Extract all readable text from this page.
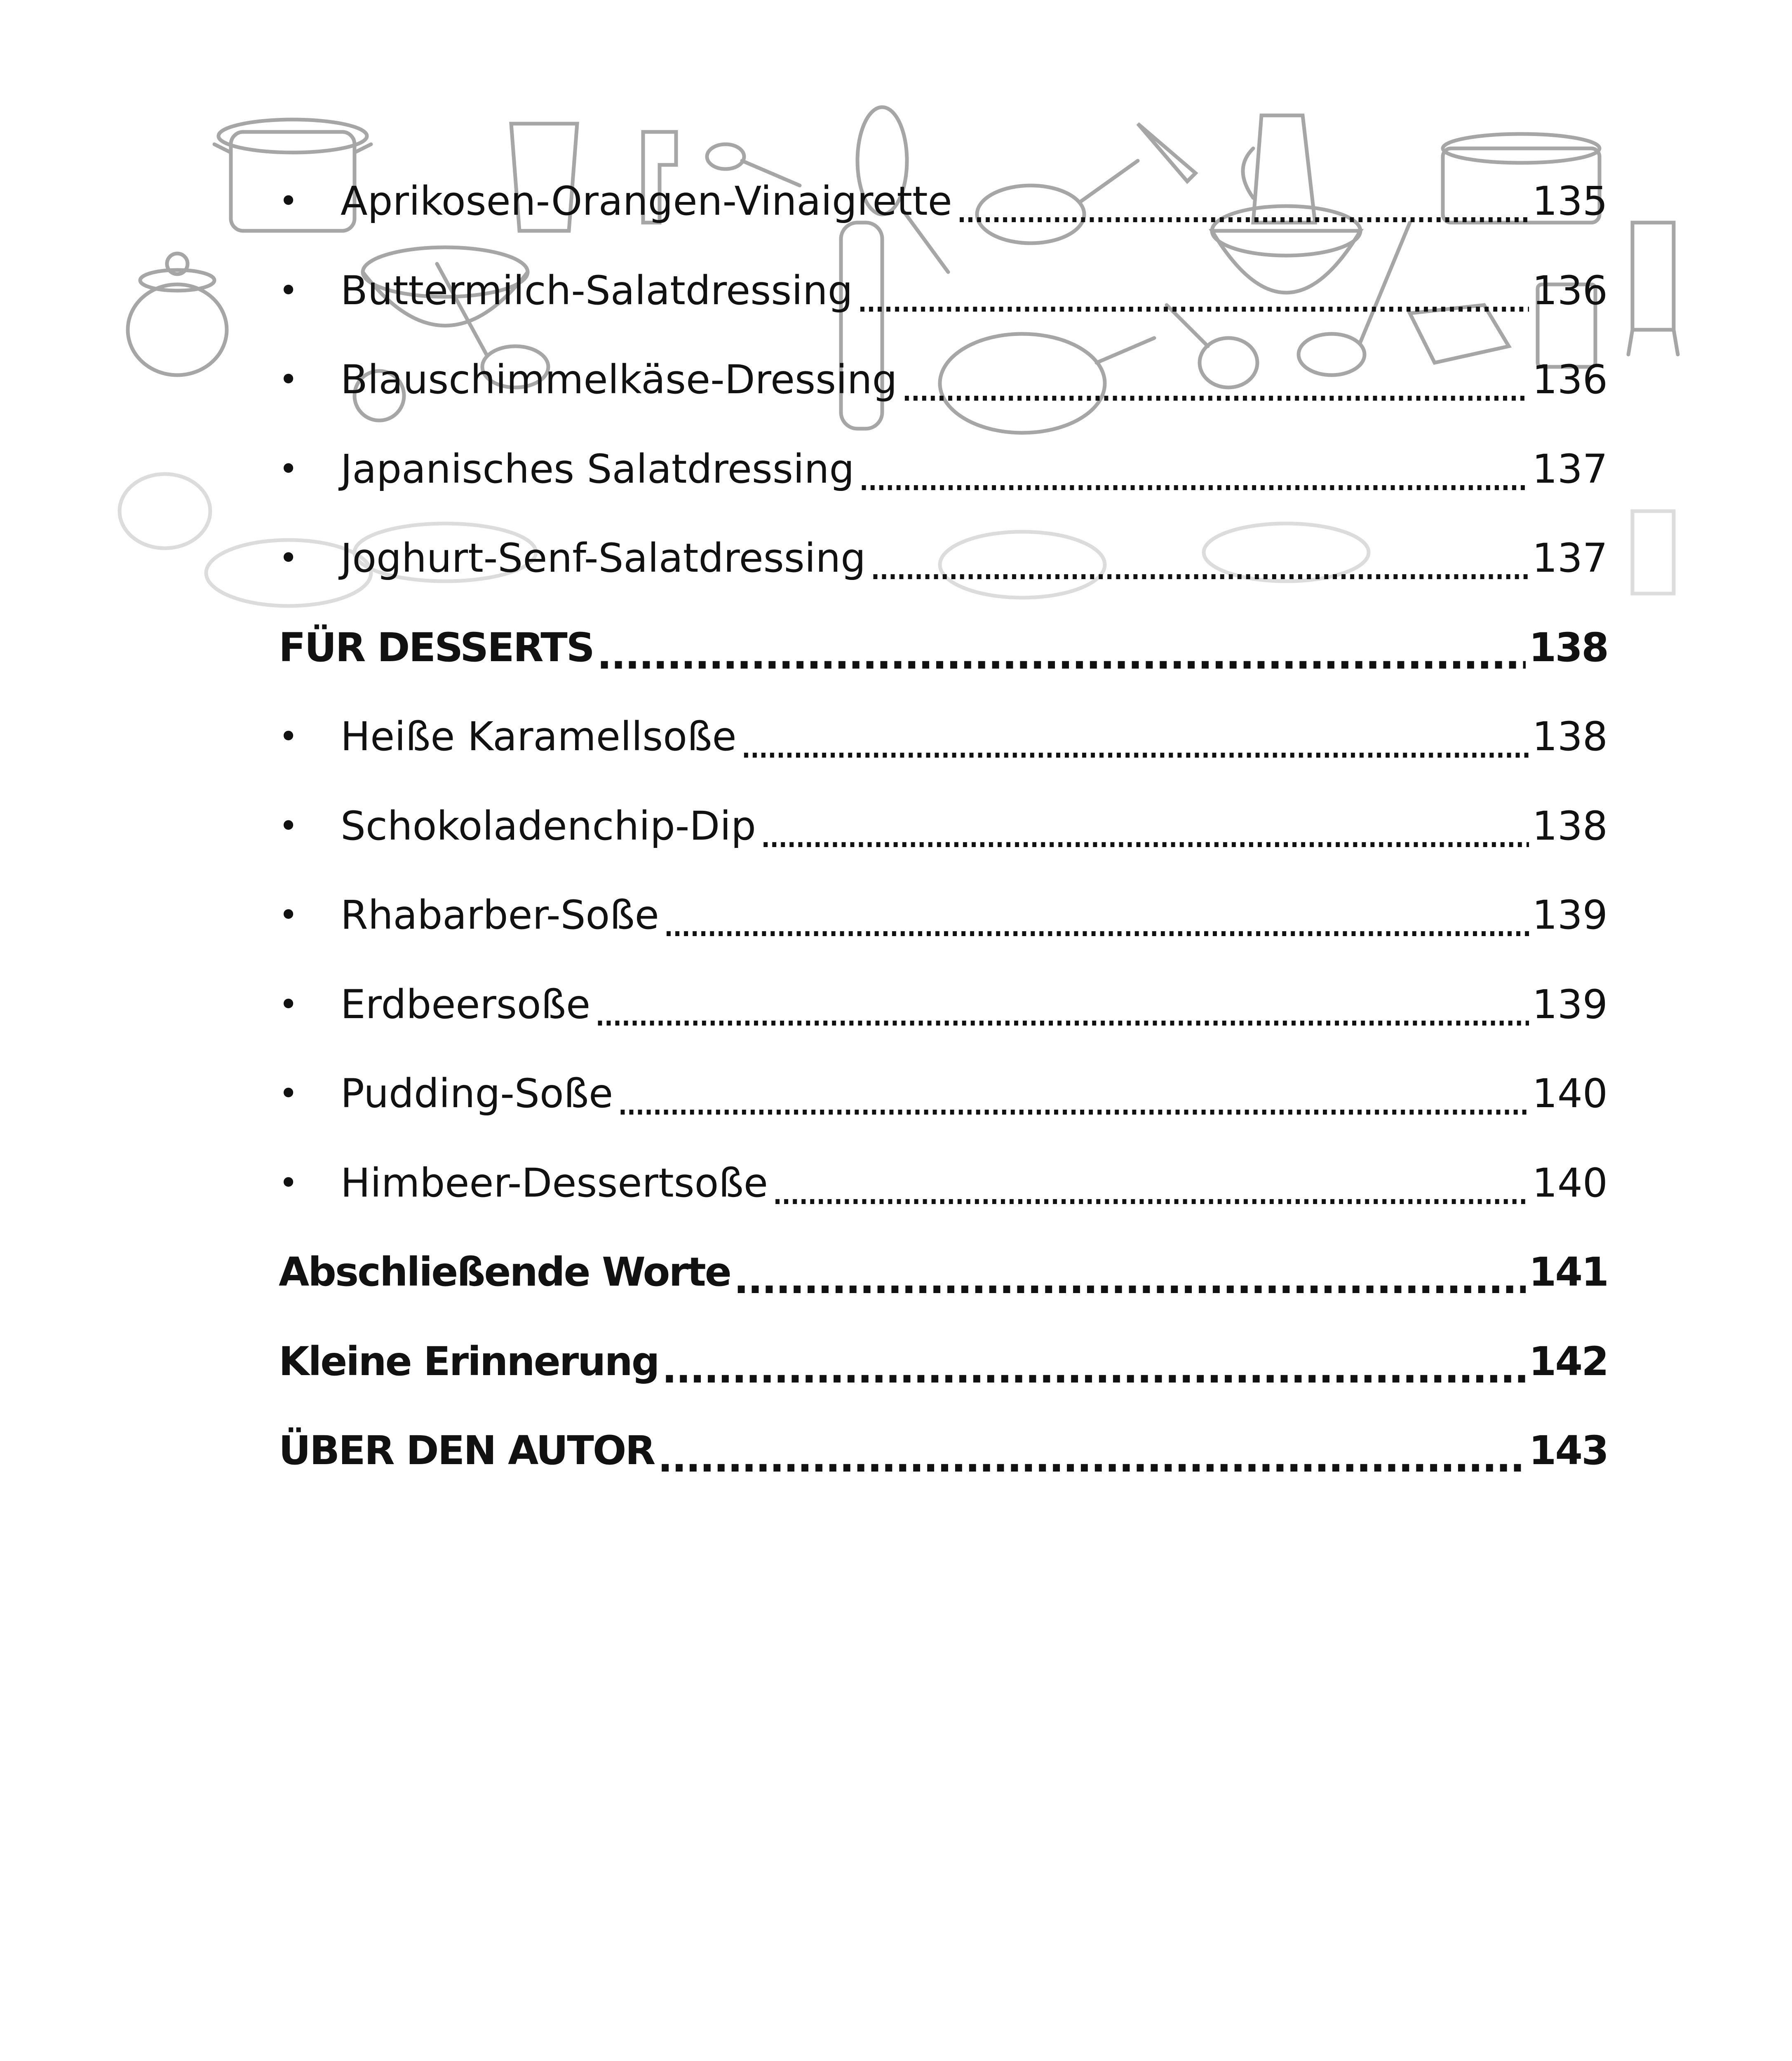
•	Aprikosen-Orangen-Vinaigrette . . .	135
•	Buttermilch-Salatdressing . . .	136
•	Blauschimmelkäse-Dressing . . .	136
•	Japanisches Salatdressing . . .	137
•	Joghurt-Senf-Salatdressing . . .	137
FÜR DESSERTS . . .	138
•	Heiße Karamellsoße . . .	138
•	Schokoladenchip-Dip . . .	138
•	Rhabarber-Soße . . .	139
•	Erdbeersoße . . .	139
•	Pudding-Soße . . .	140
•	Himbeer-Dessertsoße . . .	140
Abschließende Worte . . .	141
Kleine Erinnerung . . .	142
ÜBER DEN AUTOR . . .	143
